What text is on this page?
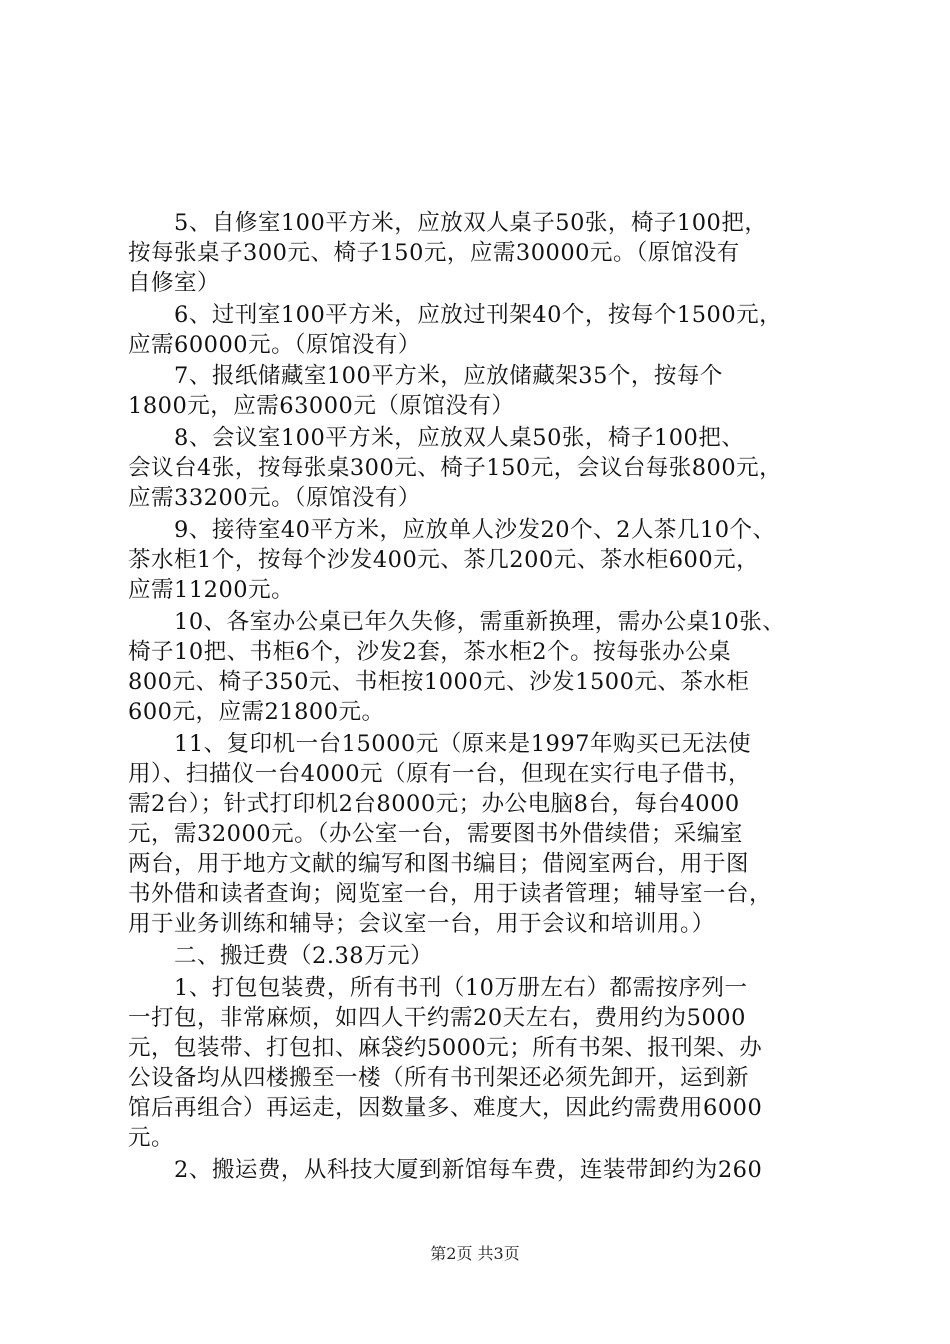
　　5、自修室100平方米，应放双人桌子50张，椅子100把，
按每张桌子300元、椅子150元，应需30000元。（原馆没有
自修室）
　　6、过刊室100平方米，应放过刊架40个，按每个1500元，
应需60000元。（原馆没有）
　　7、报纸储藏室100平方米，应放储藏架35个，按每个
1800元，应需63000元（原馆没有）
　　8、会议室100平方米，应放双人桌50张，椅子100把、
会议台4张，按每张桌300元、椅子150元，会议台每张800元，
应需33200元。（原馆没有）
　　9、接待室40平方米，应放单人沙发20个、2人茶几10个、
茶水柜1个，按每个沙发400元、茶几200元、茶水柜600元，
应需11200元。
　　10、各室办公桌已年久失修，需重新换理，需办公桌10张、
椅子10把、书柜6个，沙发2套，茶水柜2个。按每张办公桌
800元、椅子350元、书柜按1000元、沙发1500元、茶水柜
600元，应需21800元。
　　11、复印机一台15000元（原来是1997年购买已无法使
用）、扫描仪一台4000元（原有一台，但现在实行电子借书，
需2台）；针式打印机2台8000元；办公电脑8台，每台4000
元，需32000元。（办公室一台，需要图书外借续借；采编室
两台，用于地方文献的编写和图书编目；借阅室两台，用于图
书外借和读者查询；阅览室一台，用于读者管理；辅导室一台，
用于业务训练和辅导；会议室一台，用于会议和培训用。）
　　二、搬迁费（2.38万元）
　　1、打包包装费，所有书刊（10万册左右）都需按序列一
一打包，非常麻烦，如四人干约需20天左右，费用约为5000
元，包装带、打包扣、麻袋约5000元；所有书架、报刊架、办
公设备均从四楼搬至一楼（所有书刊架还必须先卸开，运到新
馆后再组合）再运走，因数量多、难度大，因此约需费用6000
元。
　　2、搬运费，从科技大厦到新馆每车费，连装带卸约为260
第2页 共3页
